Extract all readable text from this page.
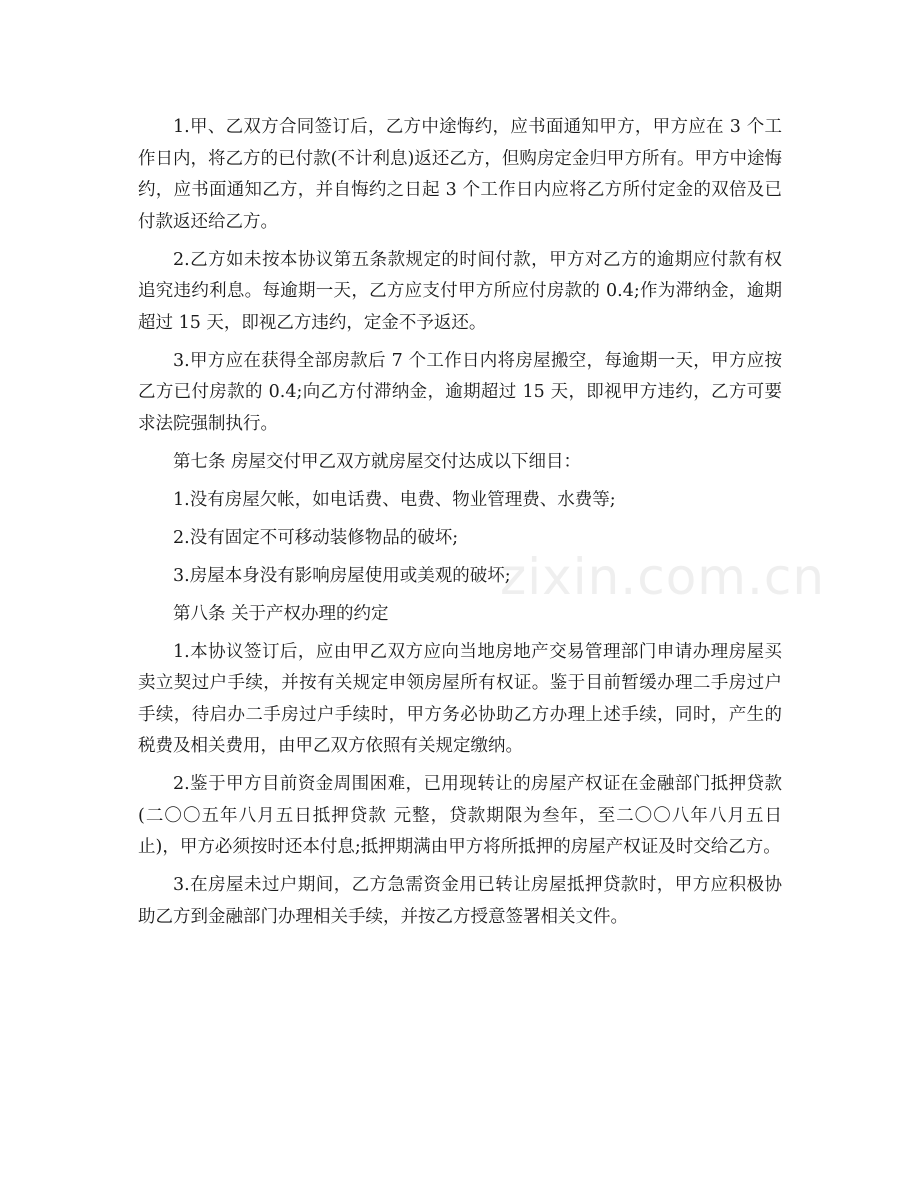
1.甲、乙双方合同签订后，乙方中途悔约，应书面通知甲方，甲方应在 3 个工作日内，将乙方的已付款(不计利息)返还乙方，但购房定金归甲方所有。甲方中途悔约，应书面通知乙方，并自悔约之日起 3 个工作日内应将乙方所付定金的双倍及已付款返还给乙方。

2.乙方如未按本协议第五条款规定的时间付款，甲方对乙方的逾期应付款有权追究违约利息。每逾期一天，乙方应支付甲方所应付房款的 0.4;作为滞纳金，逾期超过 15 天，即视乙方违约，定金不予返还。

3.甲方应在获得全部房款后 7 个工作日内将房屋搬空，每逾期一天，甲方应按乙方已付房款的 0.4;向乙方付滞纳金，逾期超过 15 天，即视甲方违约，乙方可要求法院强制执行。

第七条 房屋交付甲乙双方就房屋交付达成以下细目：

1.没有房屋欠帐，如电话费、电费、物业管理费、水费等;

2.没有固定不可移动装修物品的破坏;

3.房屋本身没有影响房屋使用或美观的破坏;

第八条 关于产权办理的约定

1.本协议签订后，应由甲乙双方应向当地房地产交易管理部门申请办理房屋买卖立契过户手续，并按有关规定申领房屋所有权证。鉴于目前暂缓办理二手房过户手续，待启办二手房过户手续时，甲方务必协助乙方办理上述手续，同时，产生的税费及相关费用，由甲乙双方依照有关规定缴纳。

2.鉴于甲方目前资金周围困难，已用现转让的房屋产权证在金融部门抵押贷款(二〇〇五年八月五日抵押贷款 元整，贷款期限为叁年，至二〇〇八年八月五日止)，甲方必须按时还本付息;抵押期满由甲方将所抵押的房屋产权证及时交给乙方。

3.在房屋未过户期间，乙方急需资金用已转让房屋抵押贷款时，甲方应积极协助乙方到金融部门办理相关手续，并按乙方授意签署相关文件。

zixin.com.cn
